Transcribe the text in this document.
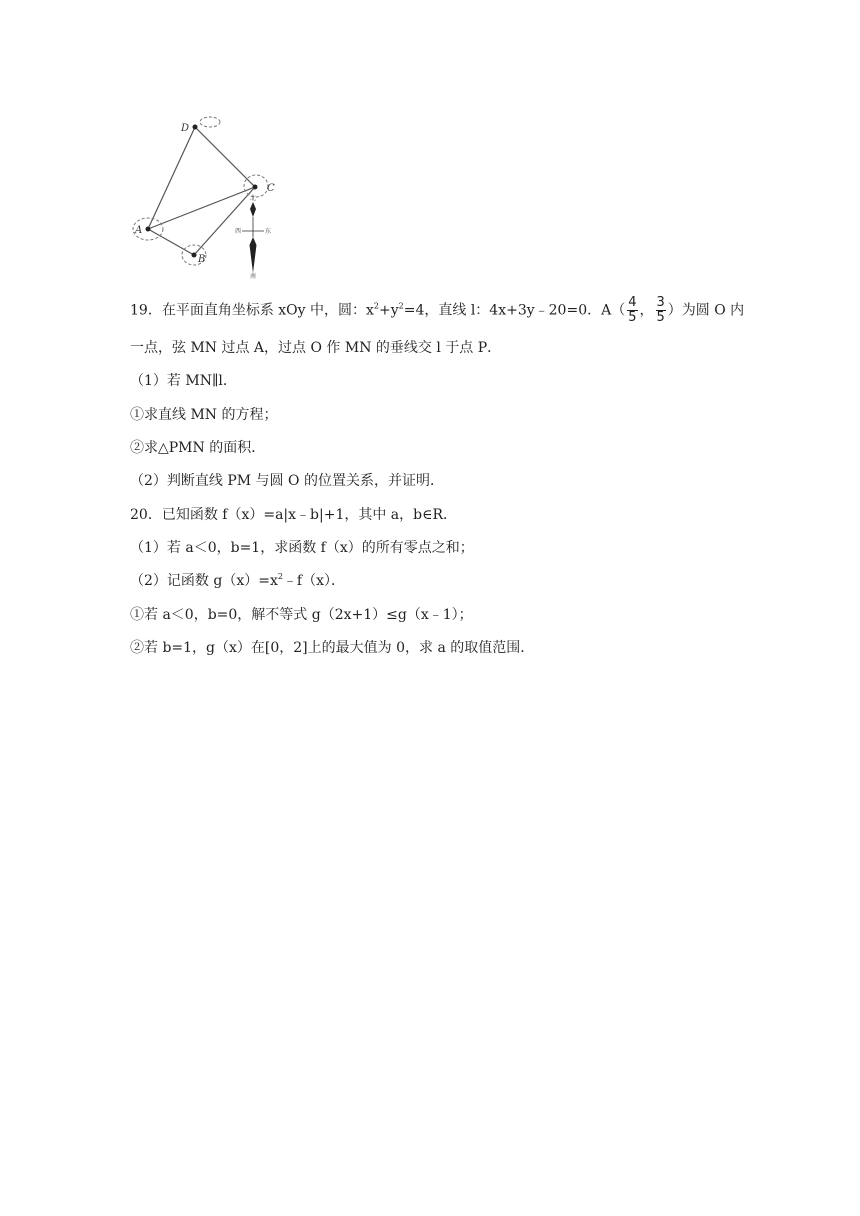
D
A
B
C
北
西	东
南
19．在平面直角坐标系 xOy 中，圆：$x^2+y^2=4$，直线 l：4x+3y﹣20=0．$A( \frac{4}{5}$ ， $\frac{3}{5}$ ）为圆 O 内
一点，弦 MN 过点 A，过点 O 作 MN 的垂线交 l 于点 P．
（1）若 MN∥l．
①求直线 MN 的方程；
②求△PMN 的面积．
（2）判断直线 PM 与圆 O 的位置关系，并证明．
20．已知函数 f（x）=a|x﹣b|+1，其中 a，b∈R．
（1）若 a＜0，b=1，求函数 f（x）的所有零点之和；
（2）记函数 $g(x)=x^2﹣f(x)$．
①若 a＜0，b=0，解不等式 g（2x+1）≤g（x﹣1）；
②若 b=1，g（x）在[0，2]上的最大值为 0，求 a 的取值范围．
